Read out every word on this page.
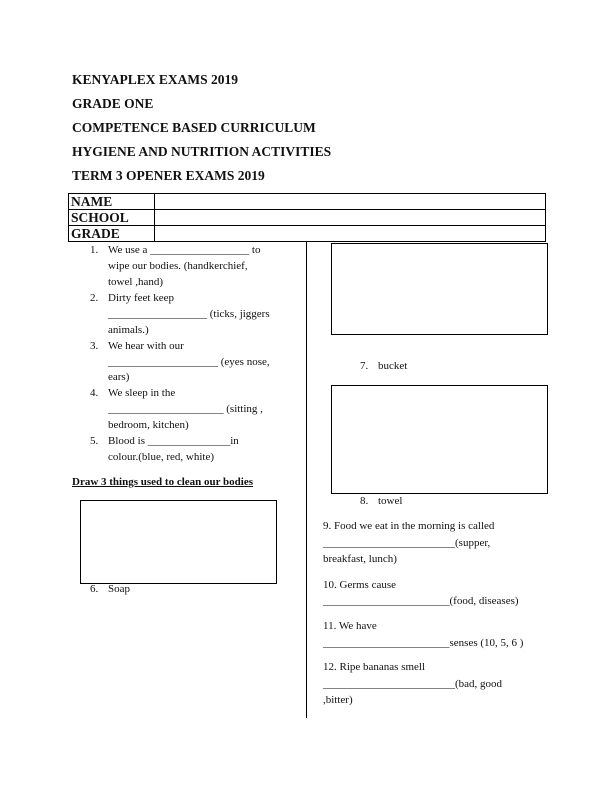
KENYAPLEX EXAMS 2019
GRADE ONE
COMPETENCE BASED CURRICULUM
HYGIENE AND NUTRITION ACTIVITIES
TERM 3 OPENER EXAMS 2019
NAME	
SCHOOL	
GRADE	
1. We use a __________________ to
wipe our bodies. (handkerchief,
towel ,hand)
2. Dirty feet keep
__________________ (ticks, jiggers
animals.)
3. We hear with our
____________________ (eyes nose,
ears)
4. We sleep in the
_____________________ (sitting ,
bedroom, kitchen)
5. Blood is _______________in
colour.(blue, red, white)
Draw 3 things used to clean our bodies
6. Soap
7. bucket
8. towel
9. Food we eat in the morning is called
________________________(supper,
breakfast, lunch)
10. Germs cause
_______________________(food, diseases)
11. We have
_______________________senses (10, 5, 6 )
12. Ripe bananas smell
________________________(bad, good
,bitter)
